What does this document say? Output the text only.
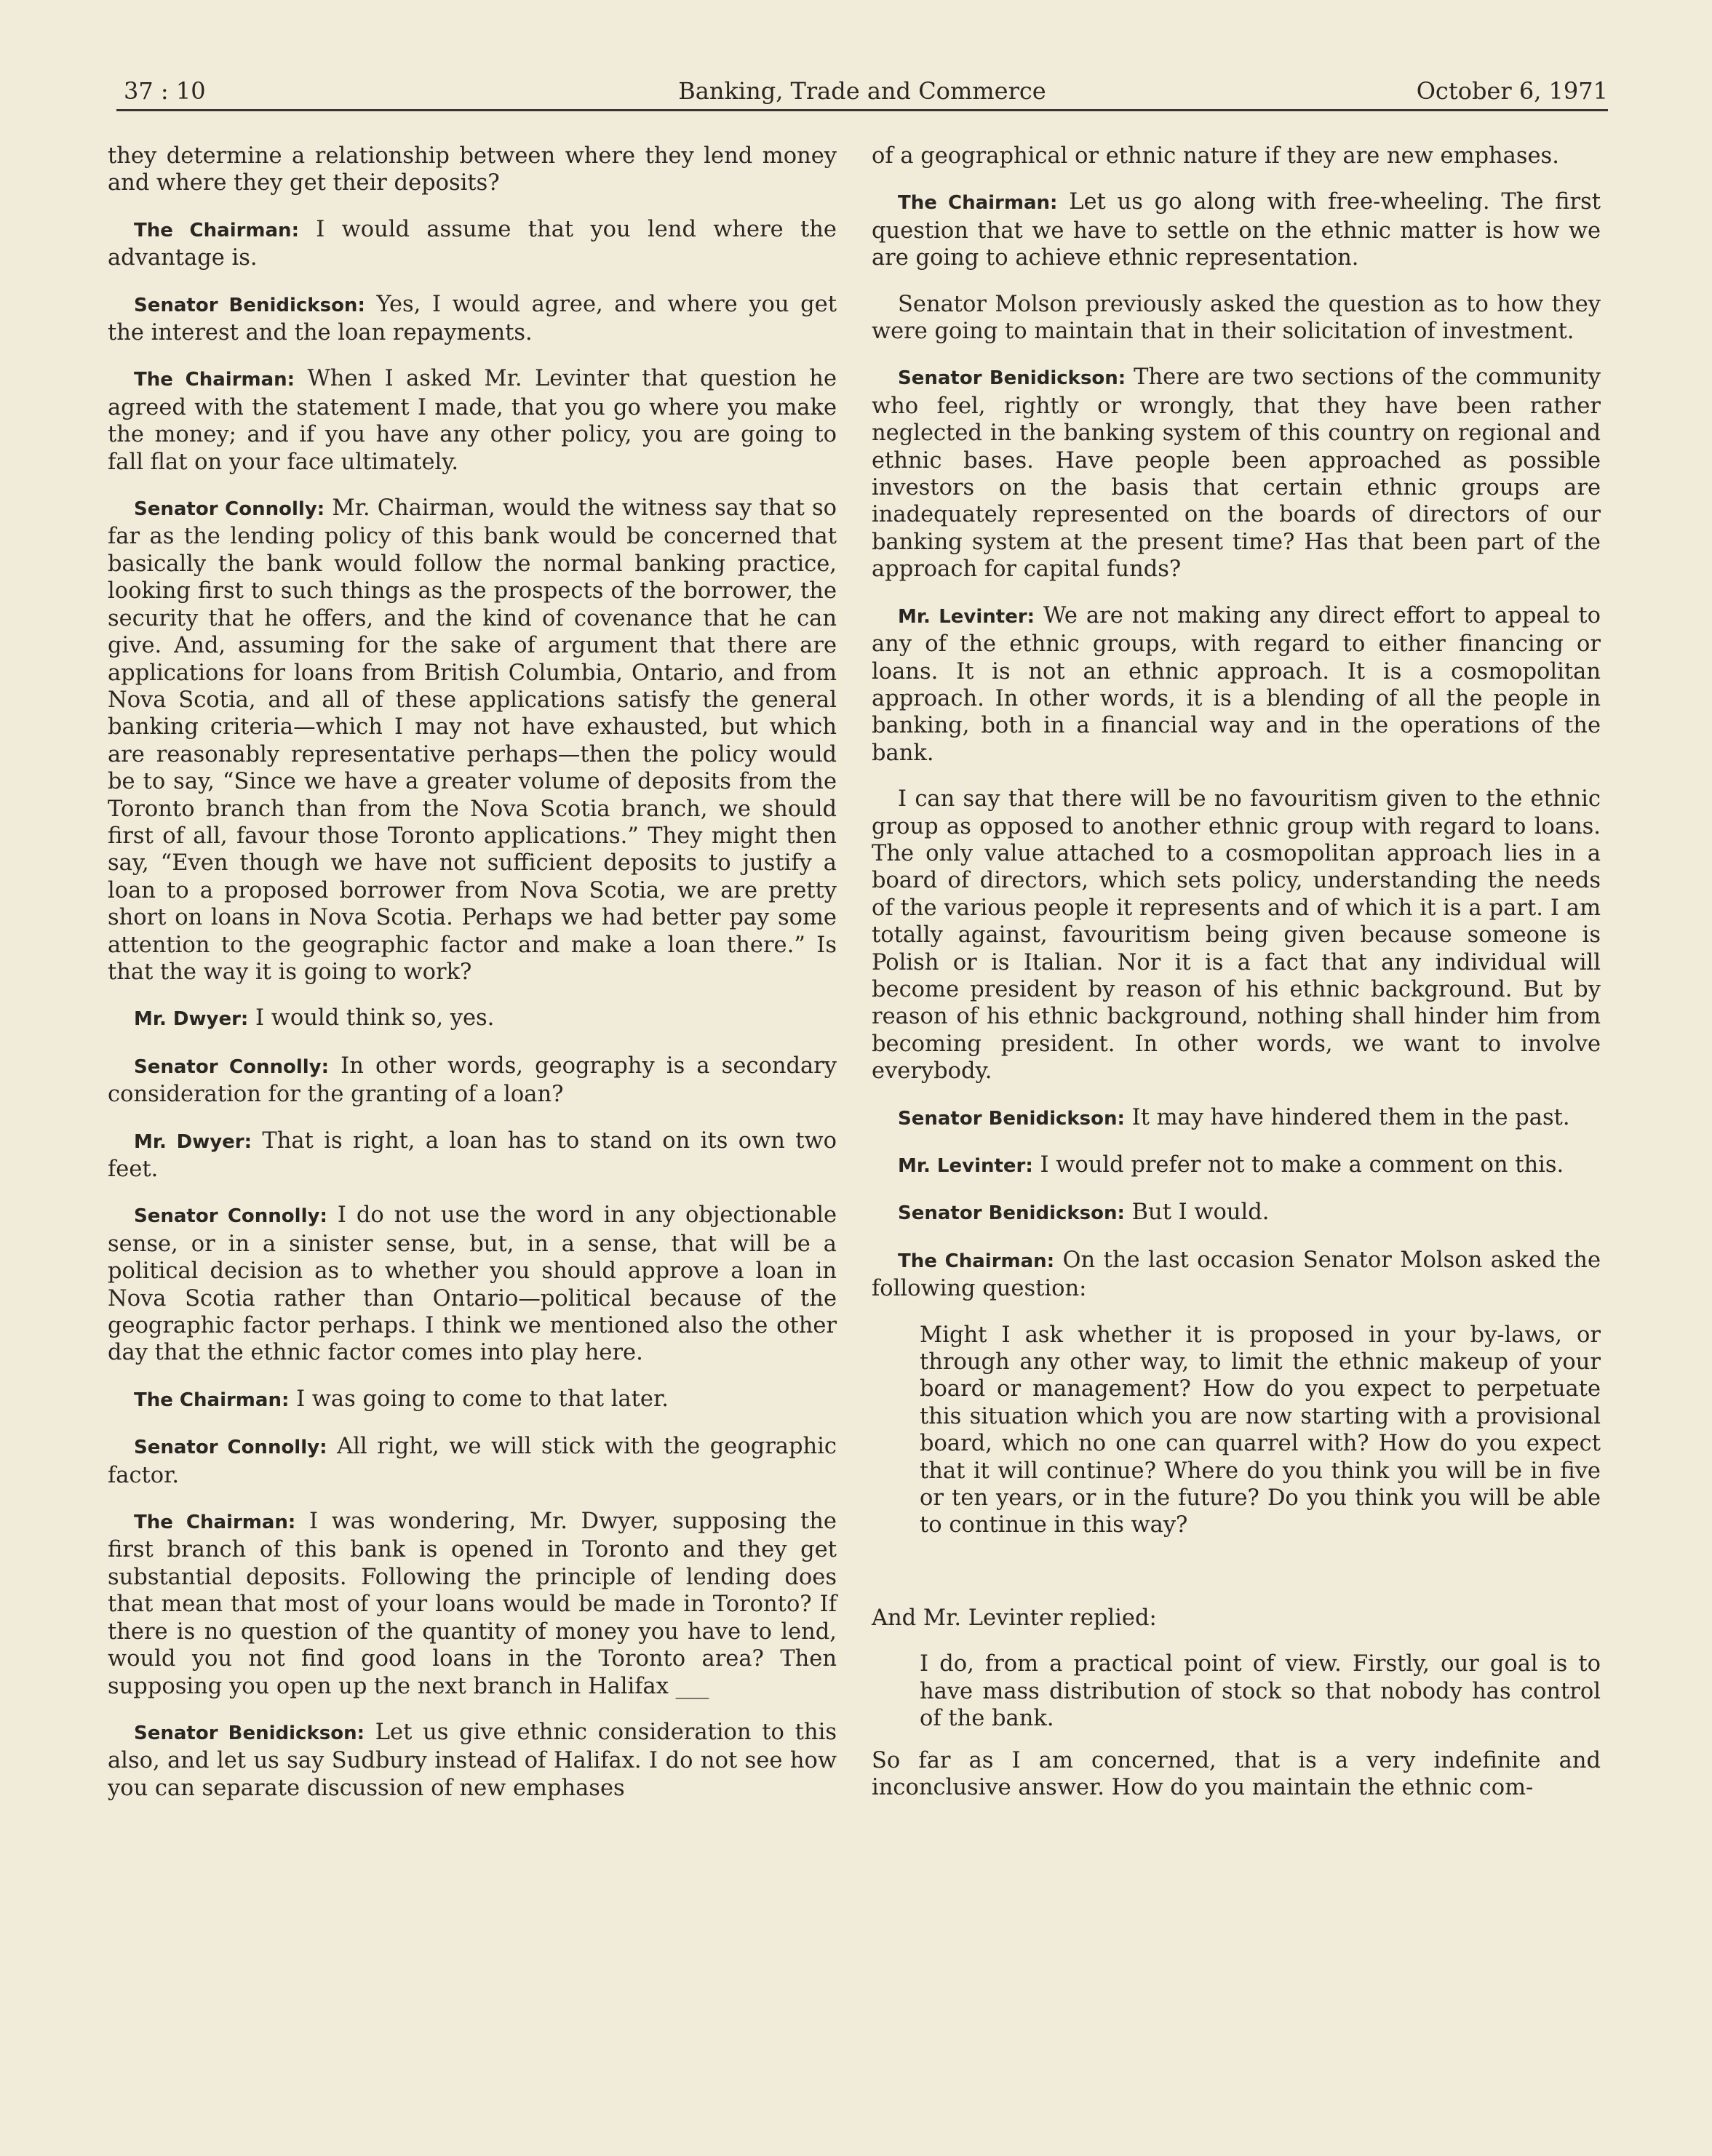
37 : 10	Banking, Trade and Commerce	October 6, 1971

they determine a relationship between where they lend money and where they get their deposits?

The Chairman: I would assume that you lend where the advantage is.

Senator Benidickson: Yes, I would agree, and where you get the interest and the loan repayments.

The Chairman: When I asked Mr. Levinter that question he agreed with the statement I made, that you go where you make the money; and if you have any other policy, you are going to fall flat on your face ultimately.

Senator Connolly: Mr. Chairman, would the witness say that so far as the lending policy of this bank would be concerned that basically the bank would follow the normal banking practice, looking first to such things as the prospects of the borrower, the security that he offers, and the kind of covenance that he can give. And, assuming for the sake of argument that there are applications for loans from British Columbia, Ontario, and from Nova Scotia, and all of these applications satisfy the general banking criteria—which I may not have exhausted, but which are reasonably representative perhaps—then the policy would be to say, “Since we have a greater volume of deposits from the Toronto branch than from the Nova Scotia branch, we should first of all, favour those Toronto applications.” They might then say, “Even though we have not sufficient deposits to justify a loan to a proposed borrower from Nova Scotia, we are pretty short on loans in Nova Scotia. Perhaps we had better pay some attention to the geographic factor and make a loan there.” Is that the way it is going to work?

Mr. Dwyer: I would think so, yes.

Senator Connolly: In other words, geography is a secondary consideration for the granting of a loan?

Mr. Dwyer: That is right, a loan has to stand on its own two feet.

Senator Connolly: I do not use the word in any objectionable sense, or in a sinister sense, but, in a sense, that will be a political decision as to whether you should approve a loan in Nova Scotia rather than Ontario—political because of the geographic factor perhaps. I think we mentioned also the other day that the ethnic factor comes into play here.

The Chairman: I was going to come to that later.

Senator Connolly: All right, we will stick with the geographic factor.

The Chairman: I was wondering, Mr. Dwyer, supposing the first branch of this bank is opened in Toronto and they get substantial deposits. Following the principle of lending does that mean that most of your loans would be made in Toronto? If there is no question of the quantity of money you have to lend, would you not find good loans in the Toronto area? Then supposing you open up the next branch in Halifax ___

Senator Benidickson: Let us give ethnic consideration to this also, and let us say Sudbury instead of Halifax. I do not see how you can separate discussion of new emphases

of a geographical or ethnic nature if they are new emphases.

The Chairman: Let us go along with free-wheeling. The first question that we have to settle on the ethnic matter is how we are going to achieve ethnic representation.

Senator Molson previously asked the question as to how they were going to maintain that in their solicitation of investment.

Senator Benidickson: There are two sections of the community who feel, rightly or wrongly, that they have been rather neglected in the banking system of this country on regional and ethnic bases. Have people been approached as possible investors on the basis that certain ethnic groups are inadequately represented on the boards of directors of our banking system at the present time? Has that been part of the approach for capital funds?

Mr. Levinter: We are not making any direct effort to appeal to any of the ethnic groups, with regard to either financing or loans. It is not an ethnic approach. It is a cosmopolitan approach. In other words, it is a blending of all the people in banking, both in a financial way and in the operations of the bank.

I can say that there will be no favouritism given to the ethnic group as opposed to another ethnic group with regard to loans. The only value attached to a cosmopolitan approach lies in a board of directors, which sets policy, understanding the needs of the various people it represents and of which it is a part. I am totally against, favouritism being given because someone is Polish or is Italian. Nor it is a fact that any individual will become president by reason of his ethnic background. But by reason of his ethnic background, nothing shall hinder him from becoming president. In other words, we want to involve everybody.

Senator Benidickson: It may have hindered them in the past.

Mr. Levinter: I would prefer not to make a comment on this.

Senator Benidickson: But I would.

The Chairman: On the last occasion Senator Molson asked the following question:

Might I ask whether it is proposed in your by-laws, or through any other way, to limit the ethnic makeup of your board or management? How do you expect to perpetuate this situation which you are now starting with a provisional board, which no one can quarrel with? How do you expect that it will continue? Where do you think you will be in five or ten years, or in the future? Do you think you will be able to continue in this way?

And Mr. Levinter replied:

I do, from a practical point of view. Firstly, our goal is to have mass distribution of stock so that nobody has control of the bank.

So far as I am concerned, that is a very indefinite and inconclusive answer. How do you maintain the ethnic com-
